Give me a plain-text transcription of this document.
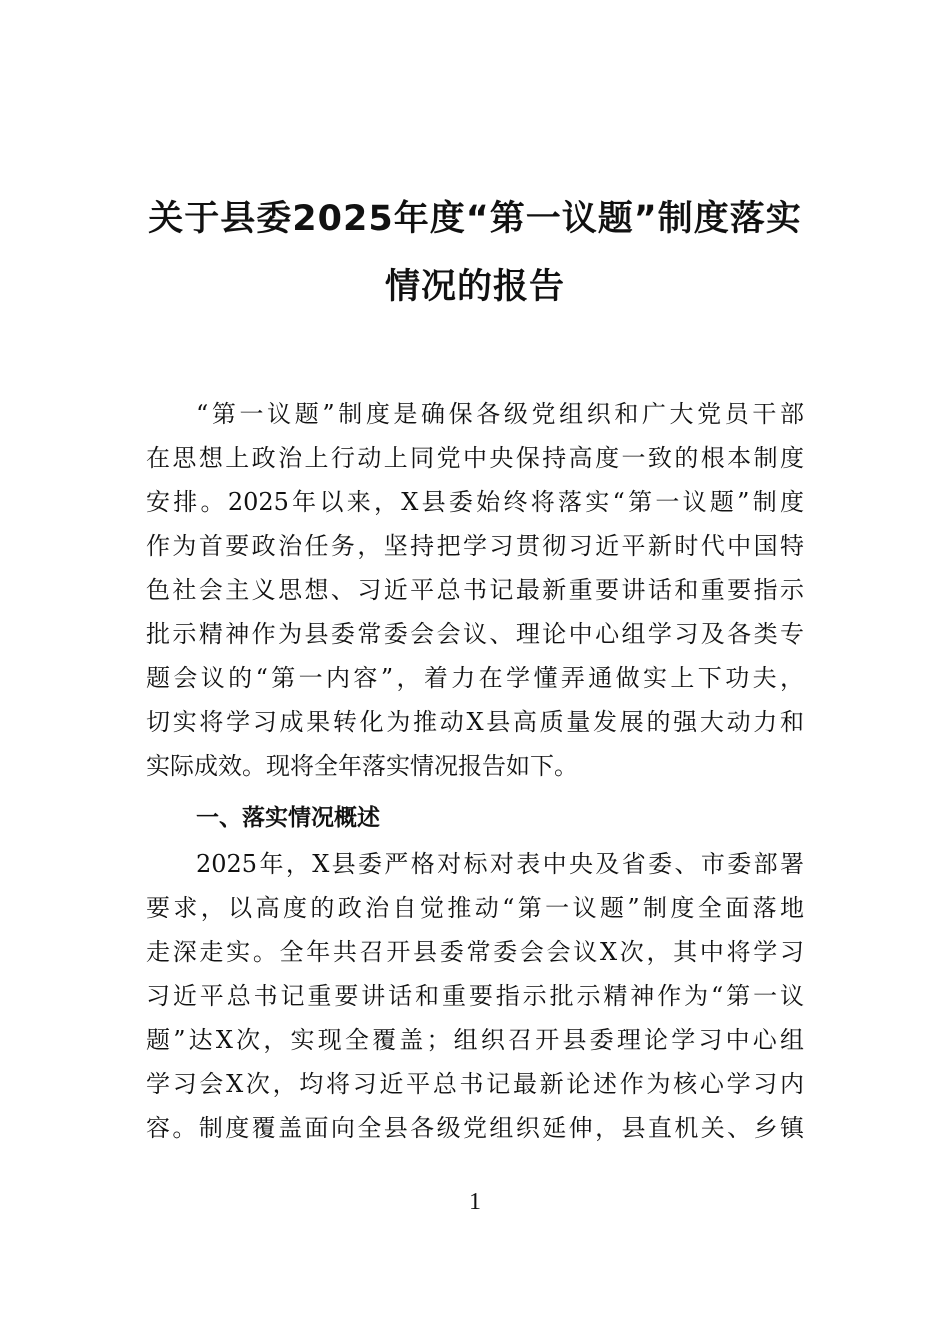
关于县委2025年度“第一议题”制度落实
情况的报告

“第一议题”制度是确保各级党组织和广大党员干部

在思想上政治上行动上同党中央保持高度一致的根本制度

安排。2025年以来，X县委始终将落实“第一议题”制度

作为首要政治任务，坚持把学习贯彻习近平新时代中国特

色社会主义思想、习近平总书记最新重要讲话和重要指示

批示精神作为县委常委会会议、理论中心组学习及各类专

题会议的“第一内容”，着力在学懂弄通做实上下功夫，

切实将学习成果转化为推动X县高质量发展的强大动力和

实际成效。现将全年落实情况报告如下。

一、落实情况概述

2025年，X县委严格对标对表中央及省委、市委部署

要求，以高度的政治自觉推动“第一议题”制度全面落地

走深走实。全年共召开县委常委会会议X次，其中将学习

习近平总书记重要讲话和重要指示批示精神作为“第一议

题”达X次，实现全覆盖；组织召开县委理论学习中心组

学习会X次，均将习近平总书记最新论述作为核心学习内

容。制度覆盖面向全县各级党组织延伸，县直机关、乡镇

1
